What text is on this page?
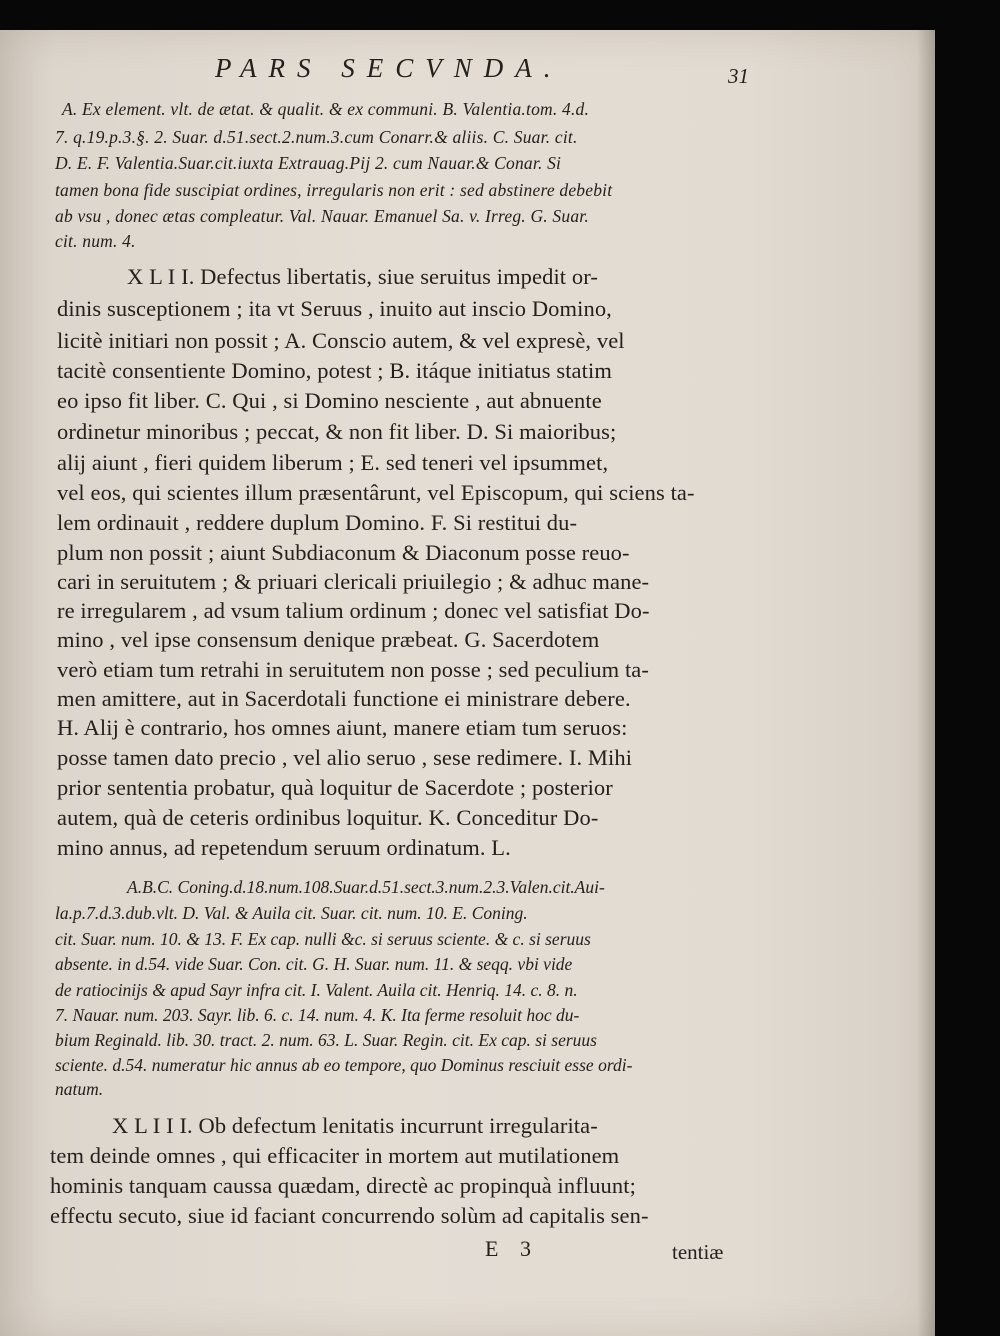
PARS SECVNDA.	31
A. Ex element. vlt. de ætat. & qualit. & ex communi. B. Valentia.tom. 4.d.
7. q.19.p.3.§. 2. Suar. d.51.sect.2.num.3.cum Conarr.& aliis. C. Suar. cit.
D. E. F. Valentia.Suar.cit.iuxta Extrauag.Pij 2. cum Nauar.& Conar. Si
tamen bona fide suscipiat ordines, irregularis non erit : sed abstinere debebit
ab vsu , donec ætas compleatur. Val. Nauar. Emanuel Sa. v. Irreg. G. Suar.
cit. num. 4.
X L I I. Defectus libertatis, siue seruitus impedit or-
dinis susceptionem ; ita vt Seruus , inuito aut inscio Domino,
licitè initiari non possit ; A. Conscio autem, & vel expresè, vel
tacitè consentiente Domino, potest ; B. itáque initiatus statim
eo ipso fit liber. C. Qui , si Domino nesciente , aut abnuente
ordinetur minoribus ; peccat, & non fit liber. D. Si maioribus;
alij aiunt , fieri quidem liberum ; E. sed teneri vel ipsummet,
vel eos, qui scientes illum præsentârunt, vel Episcopum, qui sciens ta-
lem ordinauit , reddere duplum Domino. F. Si restitui du-
plum non possit ; aiunt Subdiaconum & Diaconum posse reuo-
cari in seruitutem ; & priuari clericali priuilegio ; & adhuc mane-
re irregularem , ad vsum talium ordinum ; donec vel satisfiat Do-
mino , vel ipse consensum denique præbeat. G. Sacerdotem
verò etiam tum retrahi in seruitutem non posse ; sed peculium ta-
men amittere, aut in Sacerdotali functione ei ministrare debere.
H. Alij è contrario, hos omnes aiunt, manere etiam tum seruos:
posse tamen dato precio , vel alio seruo , sese redimere. I. Mihi
prior sententia probatur, quà loquitur de Sacerdote ; posterior
autem, quà de ceteris ordinibus loquitur. K. Conceditur Do-
mino annus, ad repetendum seruum ordinatum. L.
A.B.C. Coning.d.18.num.108.Suar.d.51.sect.3.num.2.3.Valen.cit.Aui-
la.p.7.d.3.dub.vlt. D. Val. & Auila cit. Suar. cit. num. 10. E. Coning.
cit. Suar. num. 10. & 13. F. Ex cap. nulli &c. si seruus sciente. & c. si seruus
absente. in d.54. vide Suar. Con. cit. G. H. Suar. num. 11. & seqq. vbi vide
de ratiocinijs & apud Sayr infra cit. I. Valent. Auila cit. Henriq. 14. c. 8. n.
7. Nauar. num. 203. Sayr. lib. 6. c. 14. num. 4. K. Ita ferme resoluit hoc du-
bium Reginald. lib. 30. tract. 2. num. 63. L. Suar. Regin. cit. Ex cap. si seruus
sciente. d.54. numeratur hic annus ab eo tempore, quo Dominus resciuit esse ordi-
natum.
X L I I I. Ob defectum lenitatis incurrunt irregularita-
tem deinde omnes , qui efficaciter in mortem aut mutilationem
hominis tanquam caussa quædam, directè ac propinquà influunt;
effectu secuto, siue id faciant concurrendo solùm ad capitalis sen-
E 3	tentiæ
